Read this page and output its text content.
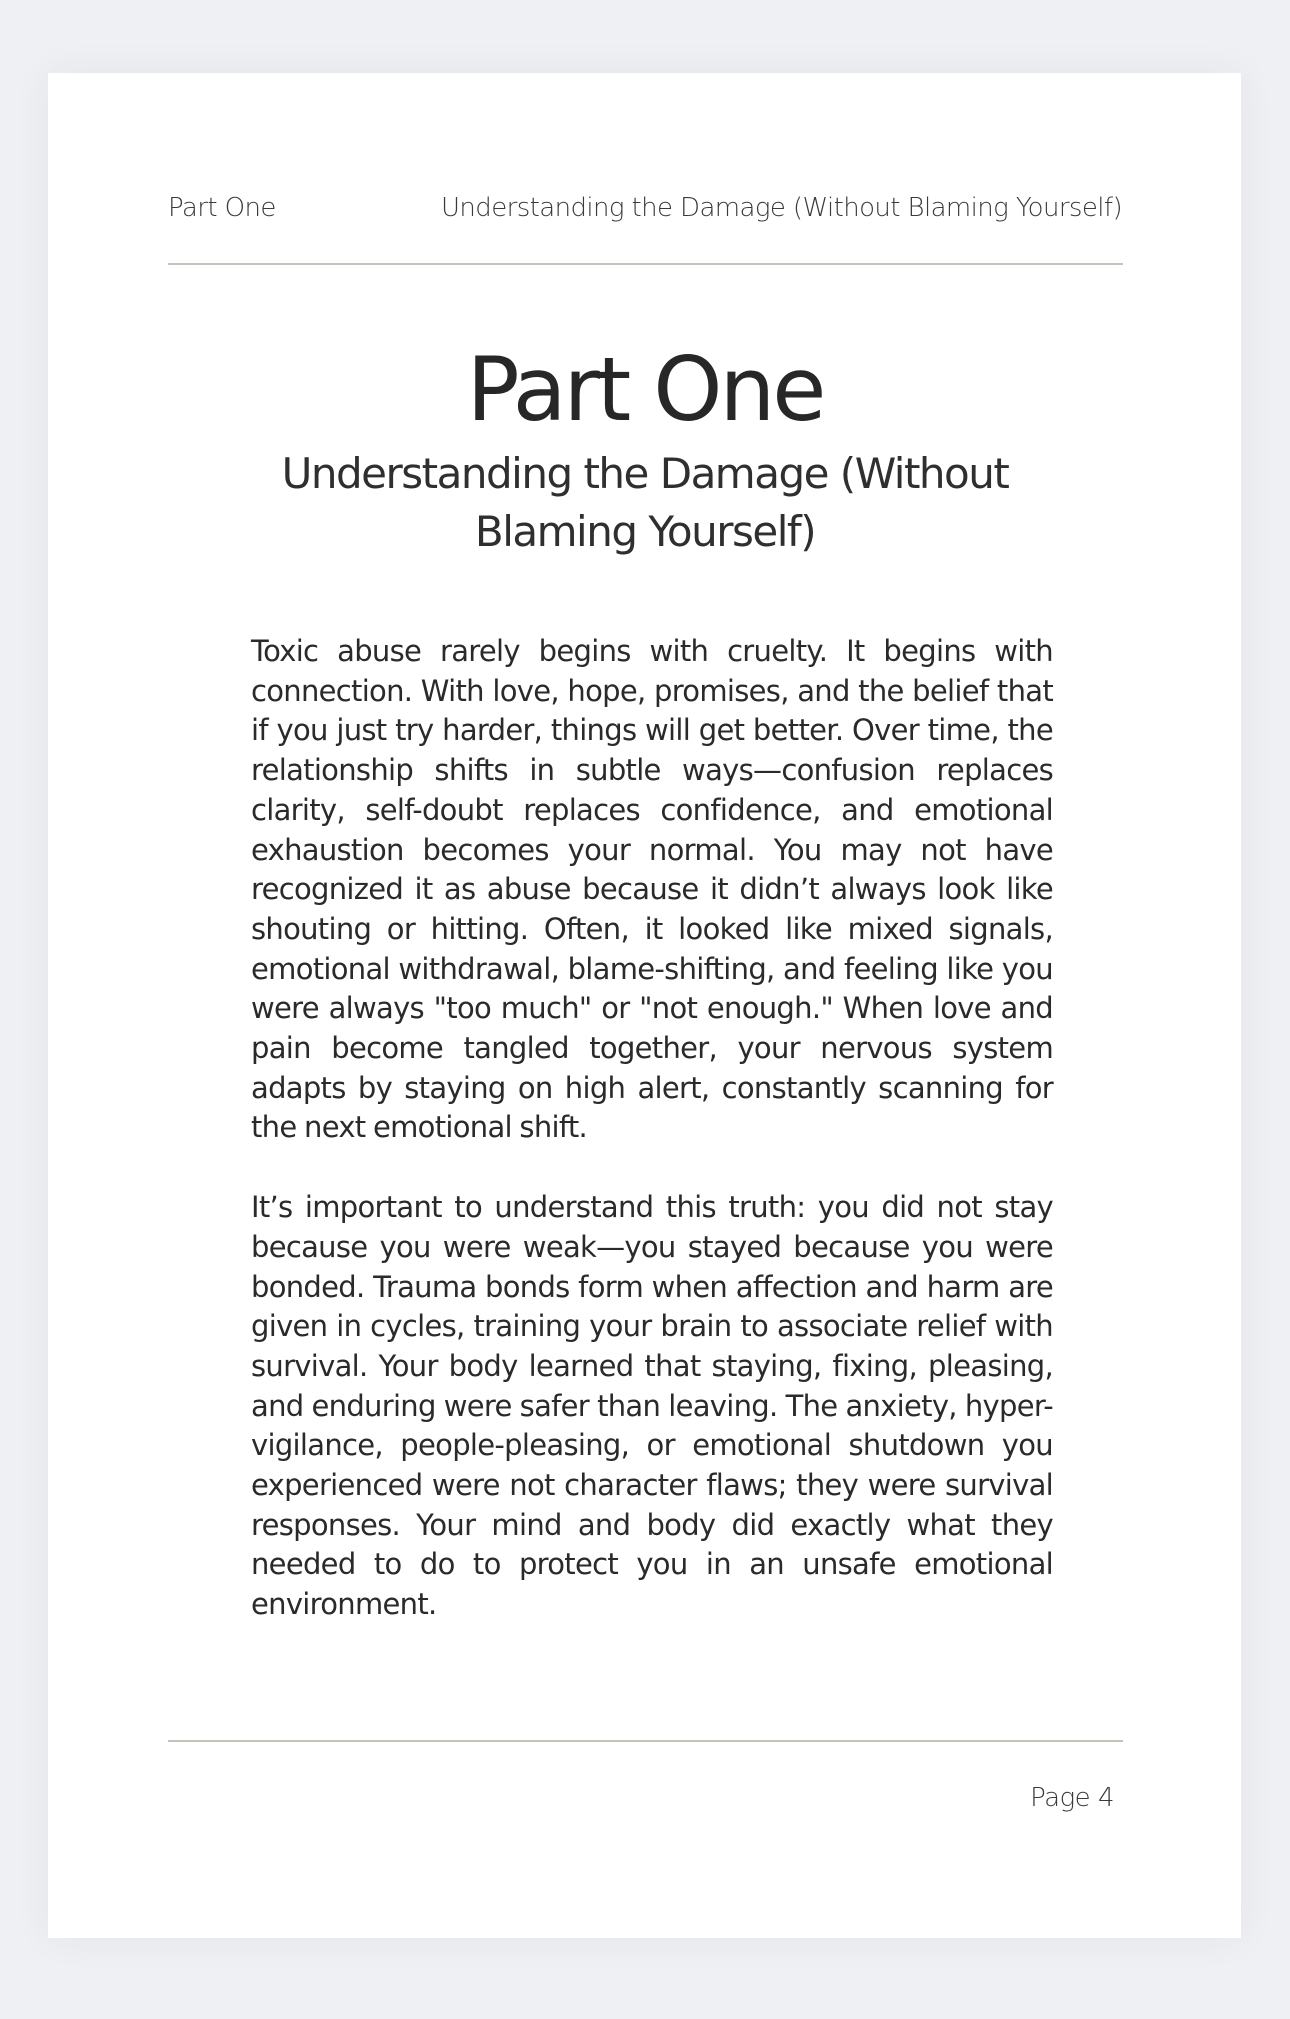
Part One	Understanding the Damage (Without Blaming Yourself)
Part One
Understanding the Damage (Without Blaming Yourself)

Toxic abuse rarely begins with cruelty. It begins with connection. With love, hope, promises, and the belief that if you just try harder, things will get better. Over time, the relationship shifts in subtle ways—confusion replaces clarity, self-doubt replaces confidence, and emotional exhaustion becomes your normal. You may not have recognized it as abuse because it didn’t always look like shouting or hitting. Often, it looked like mixed signals, emotional withdrawal, blame-shifting, and feeling like you were always "too much" or "not enough." When love and pain become tangled together, your nervous system adapts by staying on high alert, constantly scanning for the next emotional shift.

It’s important to understand this truth: you did not stay because you were weak—you stayed because you were bonded. Trauma bonds form when affection and harm are given in cycles, training your brain to associate relief with survival. Your body learned that staying, fixing, pleasing, and enduring were safer than leaving. The anxiety, hyper-vigilance, people-pleasing, or emotional shutdown you experienced were not character flaws; they were survival responses. Your mind and body did exactly what they needed to do to protect you in an unsafe emotional environment.

Page 4
